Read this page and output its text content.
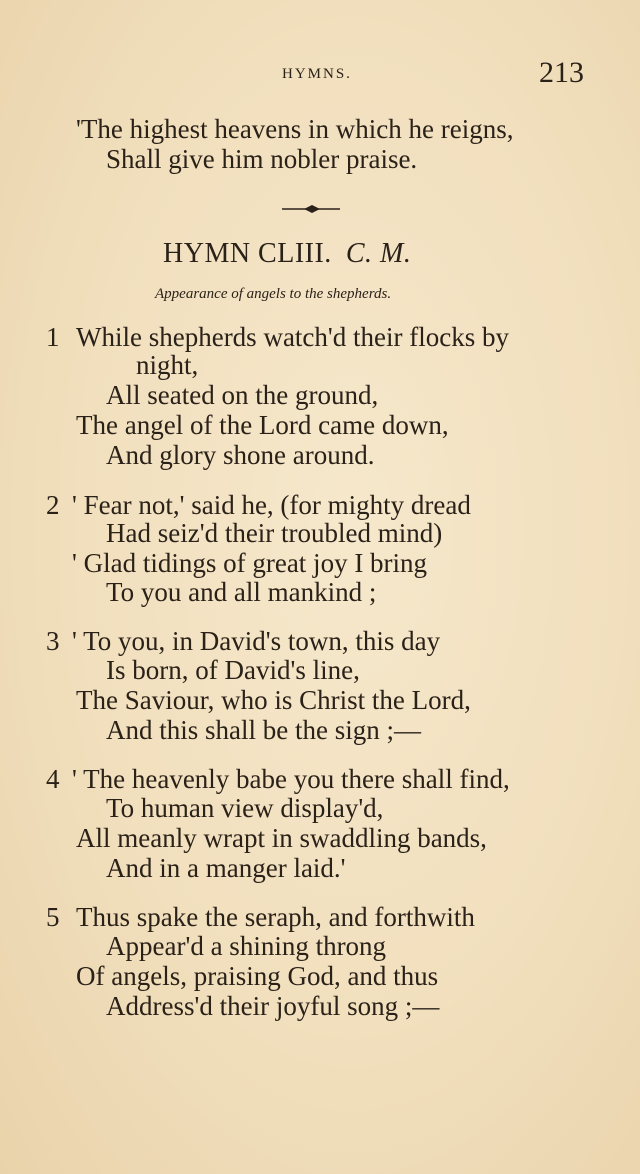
HYMNS.	213
'The highest heavens in which he reigns,
Shall give him nobler praise.
HYMN CLIII. C. M.
Appearance of angels to the shepherds.
1 While shepherds watch'd their flocks by
night,
All seated on the ground,
The angel of the Lord came down,
And glory shone around.
2 ' Fear not,' said he, (for mighty dread
Had seiz'd their troubled mind)
' Glad tidings of great joy I bring
To you and all mankind ;
3 ' To you, in David's town, this day
Is born, of David's line,
The Saviour, who is Christ the Lord,
And this shall be the sign ;—
4 ' The heavenly babe you there shall find,
To human view display'd,
All meanly wrapt in swaddling bands,
And in a manger laid.'
5 Thus spake the seraph, and forthwith
Appear'd a shining throng
Of angels, praising God, and thus
Address'd their joyful song ;—
